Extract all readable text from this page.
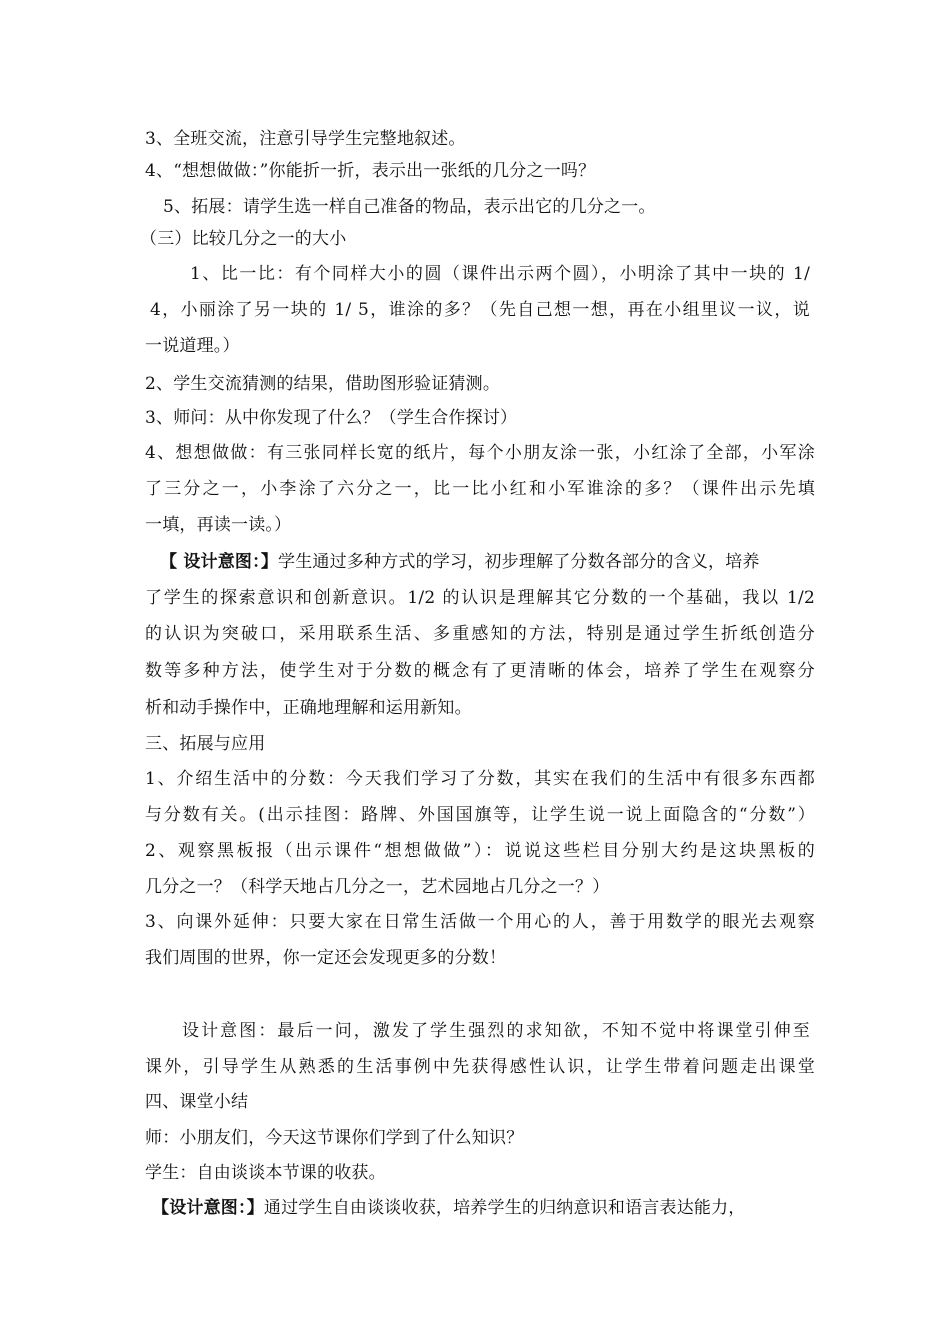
3、全班交流，注意引导学生完整地叙述。
4、“想想做做：”你能折一折，表示出一张纸的几分之一吗？
5、拓展：请学生选一样自己准备的物品，表示出它的几分之一。
（三）比较几分之一的大小
1、比一比：有个同样大小的圆（课件出示两个圆），小明涂了其中一块的 1/
4，小丽涂了另一块的 1/ 5，谁涂的多？（先自己想一想，再在小组里议一议，说
一说道理。）
2、学生交流猜测的结果，借助图形验证猜测。
3、师问：从中你发现了什么？（学生合作探讨）
4、想想做做：有三张同样长宽的纸片，每个小朋友涂一张，小红涂了全部，小军涂
了三分之一，小李涂了六分之一，比一比小红和小军谁涂的多？（课件出示先填
一填，再读一读。）
【 设计意图：】学生通过多种方式的学习，初步理解了分数各部分的含义，培养
了学生的探索意识和创新意识。1/2 的认识是理解其它分数的一个基础，我以 1/2
的认识为突破口，采用联系生活、多重感知的方法，特别是通过学生折纸创造分
数等多种方法，使学生对于分数的概念有了更清晰的体会，培养了学生在观察分
析和动手操作中，正确地理解和运用新知。
三、拓展与应用
1、介绍生活中的分数：今天我们学习了分数，其实在我们的生活中有很多东西都
与分数有关。(出示挂图：路牌、外国国旗等，让学生说一说上面隐含的“分数”）
2、观察黑板报（出示课件“想想做做”）：说说这些栏目分别大约是这块黑板的
几分之一？（科学天地占几分之一，艺术园地占几分之一？）
3、向课外延伸：只要大家在日常生活做一个用心的人，善于用数学的眼光去观察
我们周围的世界，你一定还会发现更多的分数！
设计意图：最后一问，激发了学生强烈的求知欲，不知不觉中将课堂引伸至
课外，引导学生从熟悉的生活事例中先获得感性认识，让学生带着问题走出课堂
四、课堂小结
师：小朋友们，今天这节课你们学到了什么知识？
学生：自由谈谈本节课的收获。
【设计意图：】通过学生自由谈谈收获，培养学生的归纳意识和语言表达能力，
